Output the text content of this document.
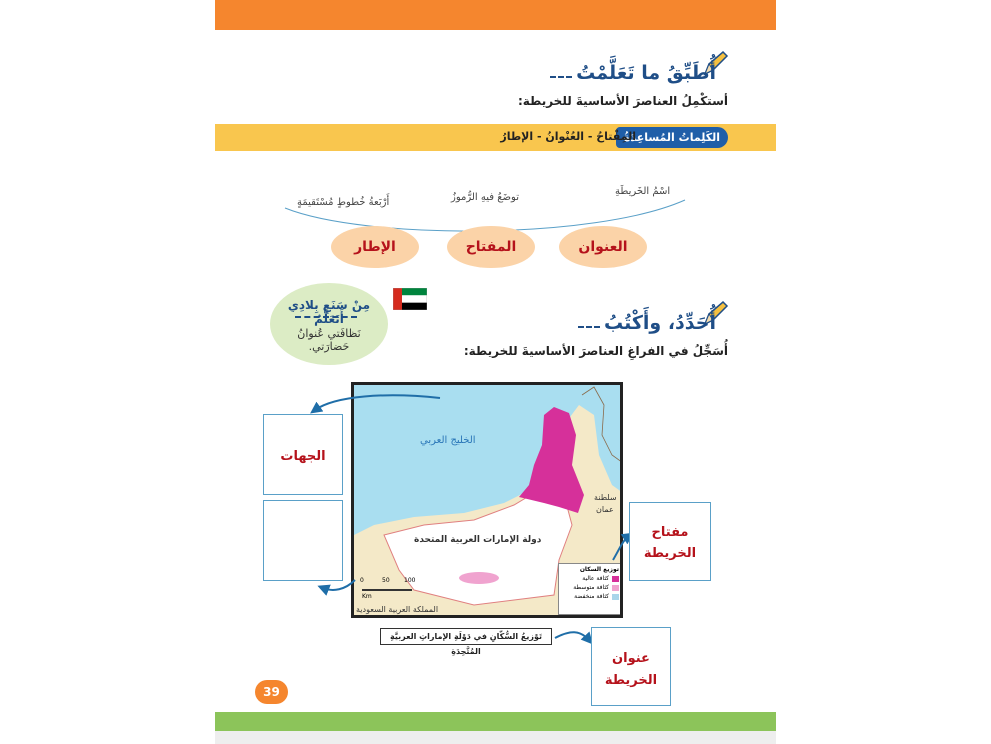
أُطَبِّقُ ما تَعَلَّمْتُ
أستكْمِلُ العناصرَ الأساسيةَ للخريطة:
الكَلِماتُ المُساعِدَةُ
المِفْتاحُ - العُنْوانُ - الإطارُ
اسْمُ الخَريطَةِ
توضَعُ فيهِ الرُّموزُ
أَرْبَعةُ خُطوطٍ مُسْتَقيمَةٍ
العنوان
المفتاح
الإطار
مِنْ سَنَعِ بِلادِي أَتَعَلَّمُ
نَظافَتي عُنوانُ حَضارَتي.
أُحَدِّدُ، وأَكْتُبُ
أُسَجِّلُ في الفراغِ العناصرَ الأساسيةَ للخريطة:
الخليج العربي
دولة الإمارات العربية المتحدة
سلطنة
عمان
المملكة العربية السعودية
0	50 100
Km
توزيع السكان
كثافة عالية
كثافة متوسطة
كثافة منخفضة
تَوْزيعُ السُّكّانِ في دَوْلَةِ الإماراتِ العربيَّةِ المُتَّحِدَةِ
الجهات
مفتاح
الخريطة
عنوان
الخريطة
39
